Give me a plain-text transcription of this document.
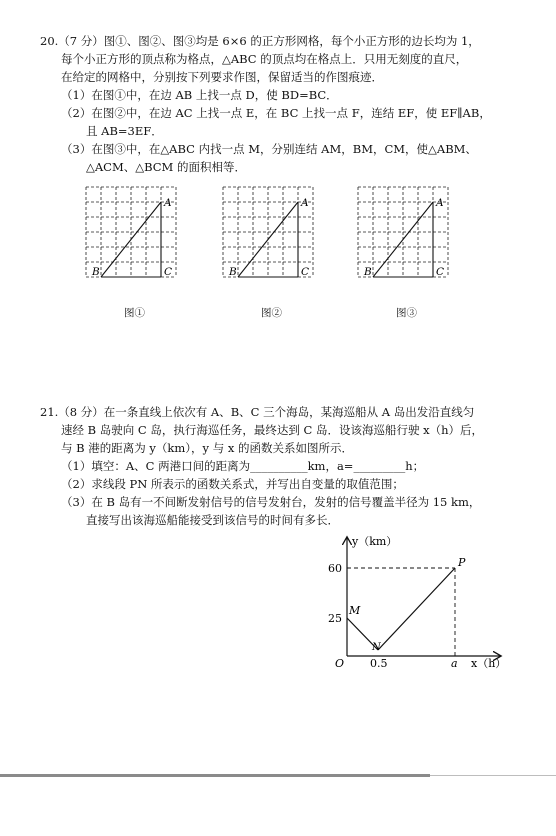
20.（7 分）图①、图②、图③均是 6×6 的正方形网格，每个小正方形的边长均为 1，
每个小正方形的顶点称为格点，△ABC 的顶点均在格点上．只用无刻度的直尺，
在给定的网格中，分别按下列要求作图，保留适当的作图痕迹．
（1）在图①中，在边 AB 上找一点 D，使 BD=BC．
（2）在图②中，在边 AC 上找一点 E，在 BC 上找一点 F，连结 EF，使 EF∥AB，
且 AB=3EF．
（3）在图③中，在△ABC 内找一点 M，分别连结 AM，BM，CM，使△ABM、
△ACM、△BCM 的面积相等．
A
B	C
A
B	C
A
B	C
图①	图②	图③
21.（8 分）在一条直线上依次有 A、B、C 三个海岛，某海巡船从 A 岛出发沿直线匀
速经 B 岛驶向 C 岛，执行海巡任务，最终达到 C 岛．设该海巡船行驶 x（h）后，
与 B 港的距离为 y（km），y 与 x 的函数关系如图所示．
（1）填空：A、C 两港口间的距离为__________km，a=_________h；
（2）求线段 PN 所表示的函数关系式，并写出自变量的取值范围；
（3）在 B 岛有一不间断发射信号的信号发射台，发射的信号覆盖半径为 15 km，
直接写出该海巡船能接受到该信号的时间有多长．
y（km）
x（h）
O
60
25
0.5	a
M
N
P
